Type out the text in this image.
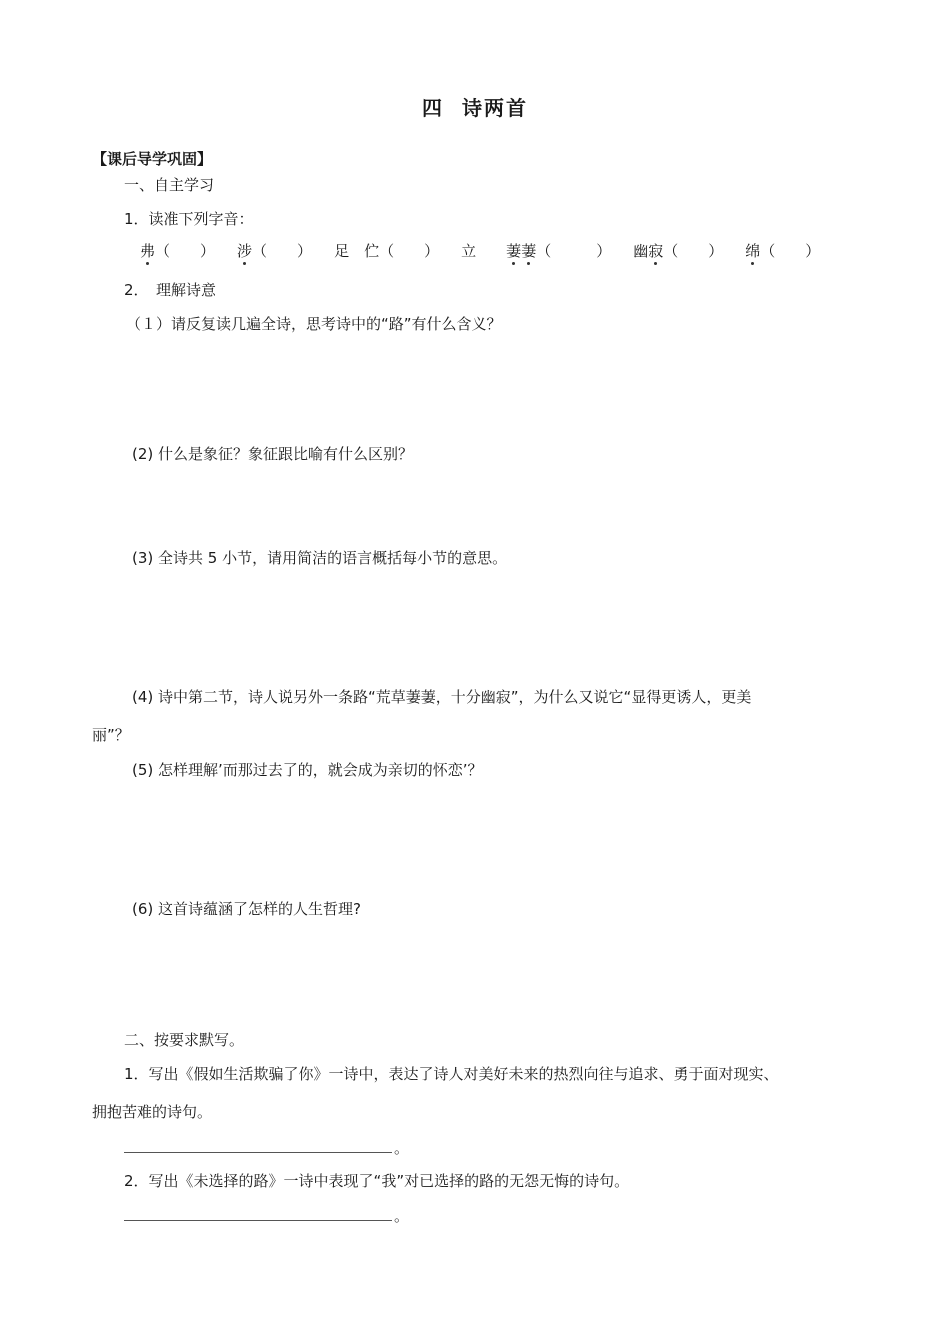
四 诗两首
【课后导学巩固】
一、自主学习
1．读准下列字音：
弗（　　） 涉（　　） 足　 伫（　　） 立　　 萋萋（　　　） 幽寂（　　） 绵（　　）
2．　理解诗意
（１）请反复读几遍全诗，思考诗中的“路”有什么含义？
(2) 什么是象征？象征跟比喻有什么区别？
(3) 全诗共 5 小节，请用简洁的语言概括每小节的意思。
(4) 诗中第二节，诗人说另外一条路“荒草萋萋，十分幽寂”，为什么又说它“显得更诱人，更美
丽”？
(5) 怎样理解’而那过去了的，就会成为亲切的怀恋’？
(6) 这首诗蕴涵了怎样的人生哲理?
二、按要求默写。
1．写出《假如生活欺骗了你》一诗中，表达了诗人对美好未来的热烈向往与追求、勇于面对现实、
拥抱苦难的诗句。
。
2．写出《未选择的路》一诗中表现了“我”对已选择的路的无怨无悔的诗句。
。
